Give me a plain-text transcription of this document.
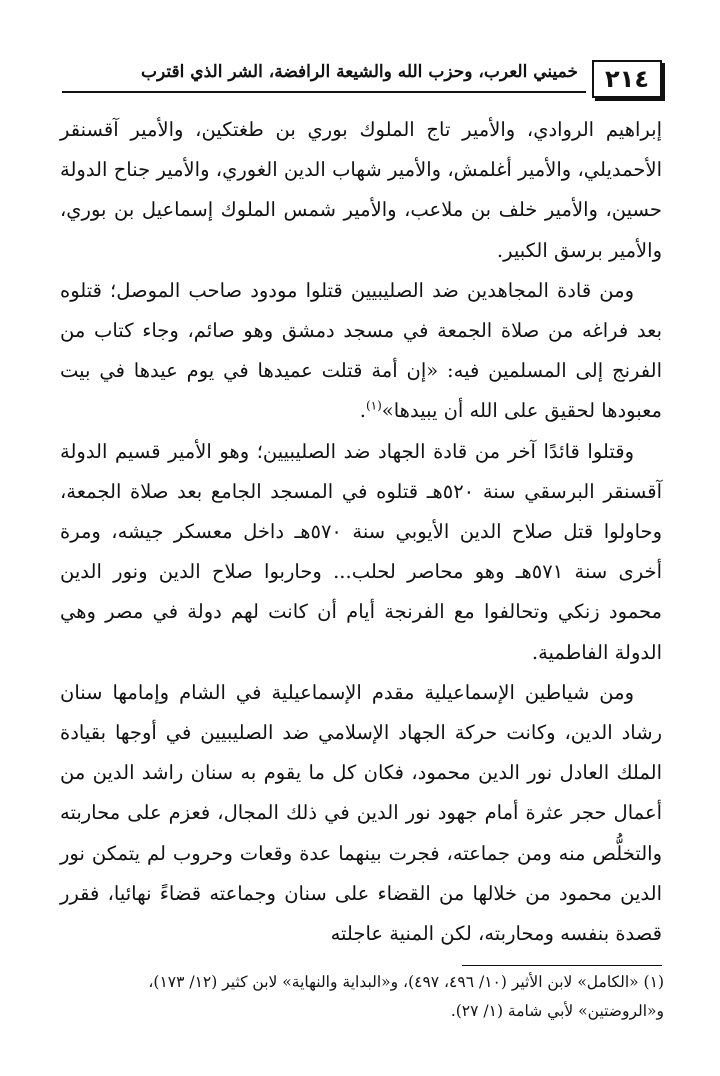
٢١٤
خميني العرب، وحزب الله والشيعة الرافضة، الشر الذي اقترب

إبراهيم الروادي، والأمير تاج الملوك بوري بن طغتكين، والأمير آقسنقر الأحمديلي، والأمير أغلمش، والأمير شهاب الدين الغوري، والأمير جناح الدولة حسين، والأمير خلف بن ملاعب، والأمير شمس الملوك إسماعيل بن بوري، والأمير برسق الكبير.

ومن قادة المجاهدين ضد الصليبيين قتلوا مودود صاحب الموصل؛ قتلوه بعد فراغه من صلاة الجمعة في مسجد دمشق وهو صائم، وجاء كتاب من الفرنج إلى المسلمين فيه: «إن أمة قتلت عميدها في يوم عيدها في بيت معبودها لحقيق على الله أن يبيدها»$^{(١)}$.

وقتلوا قائدًا آخر من قادة الجهاد ضد الصليبيين؛ وهو الأمير قسيم الدولة آقسنقر البرسقي سنة ٥٢٠هـ قتلوه في المسجد الجامع بعد صلاة الجمعة، وحاولوا قتل صلاح الدين الأيوبي سنة ٥٧٠هـ داخل معسكر جيشه، ومرة أخرى سنة ٥٧١هـ وهو محاصر لحلب... وحاربوا صلاح الدين ونور الدين محمود زنكي وتحالفوا مع الفرنجة أيام أن كانت لهم دولة في مصر وهي الدولة الفاطمية.

ومن شياطين الإسماعيلية مقدم الإسماعيلية في الشام وإمامها سنان رشاد الدين، وكانت حركة الجهاد الإسلامي ضد الصليبيين في أوجها بقيادة الملك العادل نور الدين محمود، فكان كل ما يقوم به سنان راشد الدين من أعمال حجر عثرة أمام جهود نور الدين في ذلك المجال، فعزم على محاربته والتخلُّص منه ومن جماعته، فجرت بينهما عدة وقعات وحروب لم يتمكن نور الدين محمود من خلالها من القضاء على سنان وجماعته قضاءً نهائيا، فقرر قصدة بنفسه ومحاربته، لكن المنية عاجلته

(١) «الكامل» لابن الأثير (١٠/ ٤٩٦، ٤٩٧)، و«البداية والنهاية» لابن كثير (١٢/ ١٧٣)، و«الروضتين» لأبي شامة (١/ ٢٧).
